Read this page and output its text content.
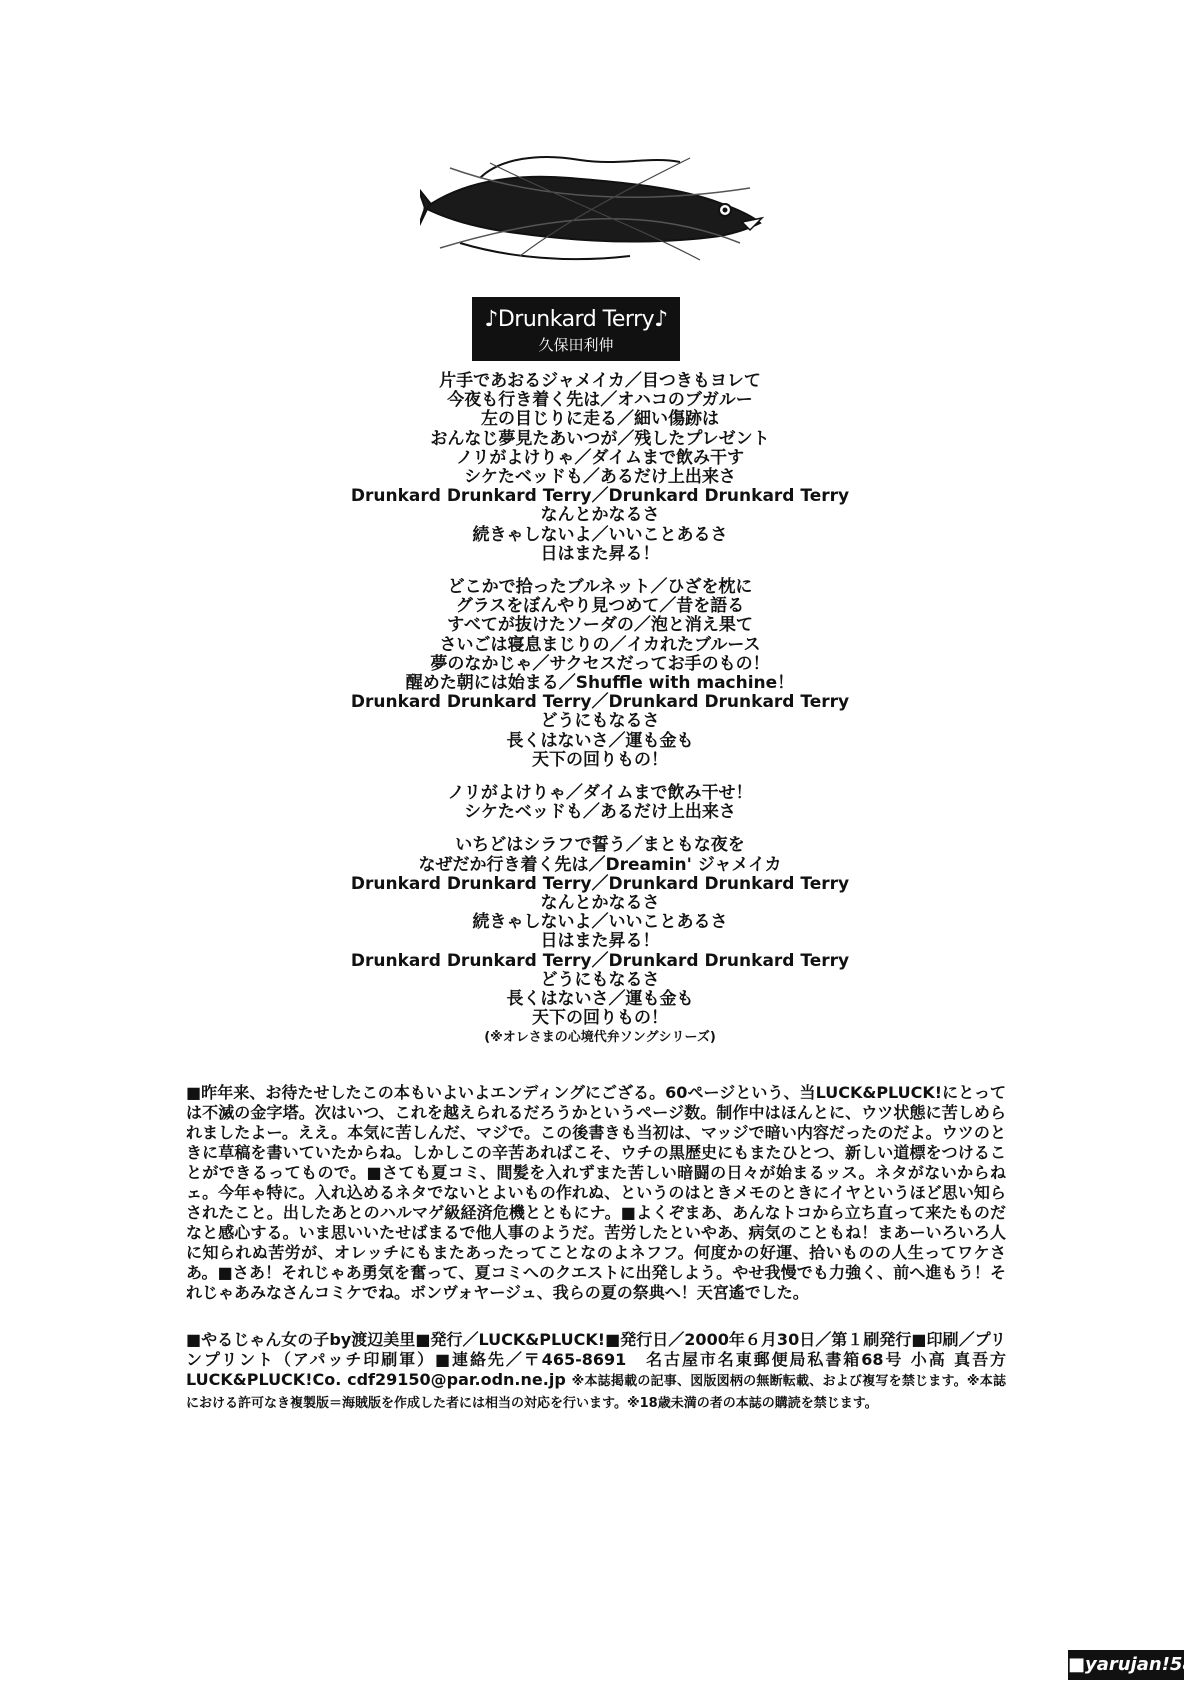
♪Drunkard Terry♪
久保田利伸
片手であおるジャメイカ／目つきもヨレて
今夜も行き着く先は／オハコのブガルー
左の目じりに走る／細い傷跡は
おんなじ夢見たあいつが／残したプレゼント
ノリがよけりゃ／ダイムまで飲み干す
シケたベッドも／あるだけ上出来さ
Drunkard Drunkard Terry／Drunkard Drunkard Terry
なんとかなるさ
続きゃしないよ／いいことあるさ
日はまた昇る！
どこかで拾ったブルネット／ひざを枕に
グラスをぼんやり見つめて／昔を語る
すべてが抜けたソーダの／泡と消え果て
さいごは寝息まじりの／イカれたブルース
夢のなかじゃ／サクセスだってお手のもの！
醒めた朝には始まる／Shuffle with machine！
Drunkard Drunkard Terry／Drunkard Drunkard Terry
どうにもなるさ
長くはないさ／運も金も
天下の回りもの！
ノリがよけりゃ／ダイムまで飲み干せ！
シケたベッドも／あるだけ上出来さ
いちどはシラフで誓う／まともな夜を
なぜだか行き着く先は／Dreamin' ジャメイカ
Drunkard Drunkard Terry／Drunkard Drunkard Terry
なんとかなるさ
続きゃしないよ／いいことあるさ
日はまた昇る！
Drunkard Drunkard Terry／Drunkard Drunkard Terry
どうにもなるさ
長くはないさ／運も金も
天下の回りもの！
(※オレさまの心境代弁ソングシリーズ)
■昨年来、お待たせしたこの本もいよいよエンディングにござる。60ページという、当LUCK&PLUCK!にとっては不滅の金字塔。次はいつ、これを越えられるだろうかというページ数。制作中はほんとに、ウツ状態に苦しめられましたよー。ええ。本気に苦しんだ、マジで。この後書きも当初は、マッジで暗い内容だったのだよ。ウツのときに草稿を書いていたからね。しかしこの辛苦あればこそ、ウチの黒歴史にもまたひとつ、新しい道標をつけることができるってもので。■さても夏コミ、間髪を入れずまた苦しい暗闘の日々が始まるッス。ネタがないからねェ。今年ゃ特に。入れ込めるネタでないとよいもの作れぬ、というのはときメモのときにイヤというほど思い知らされたこと。出したあとのハルマゲ級経済危機とともにナ。■よくぞまあ、あんなトコから立ち直って来たものだなと感心する。いま思いいたせばまるで他人事のようだ。苦労したといやあ、病気のこともね！まあーいろいろ人に知られぬ苦労が、オレッチにもまたあったってことなのよネフフ。何度かの好運、拾いものの人生ってワケさあ。■さあ！それじゃあ勇気を奮って、夏コミへのクエストに出発しよう。やせ我慢でも力強く、前へ進もう！それじゃあみなさんコミケでね。ボンヴォヤージュ、我らの夏の祭典へ！天宮遙でした。
■やるじゃん女の子by渡辺美里■発行／LUCK&PLUCK!■発行日／2000年６月30日／第１刷発行■印刷／プリンプリント（アパッチ印刷軍）■連絡先／〒465-8691　名古屋市名東郵便局私書箱68号 小高 真吾方 LUCK&PLUCK!Co. cdf29150@par.odn.ne.jp ※本誌掲載の記事、図版図柄の無断転載、および複写を禁じます。※本誌における許可なき複製版＝海賊版を作成した者には相当の対応を行います。※18歳未満の者の本誌の購読を禁じます。
■yarujan!58
